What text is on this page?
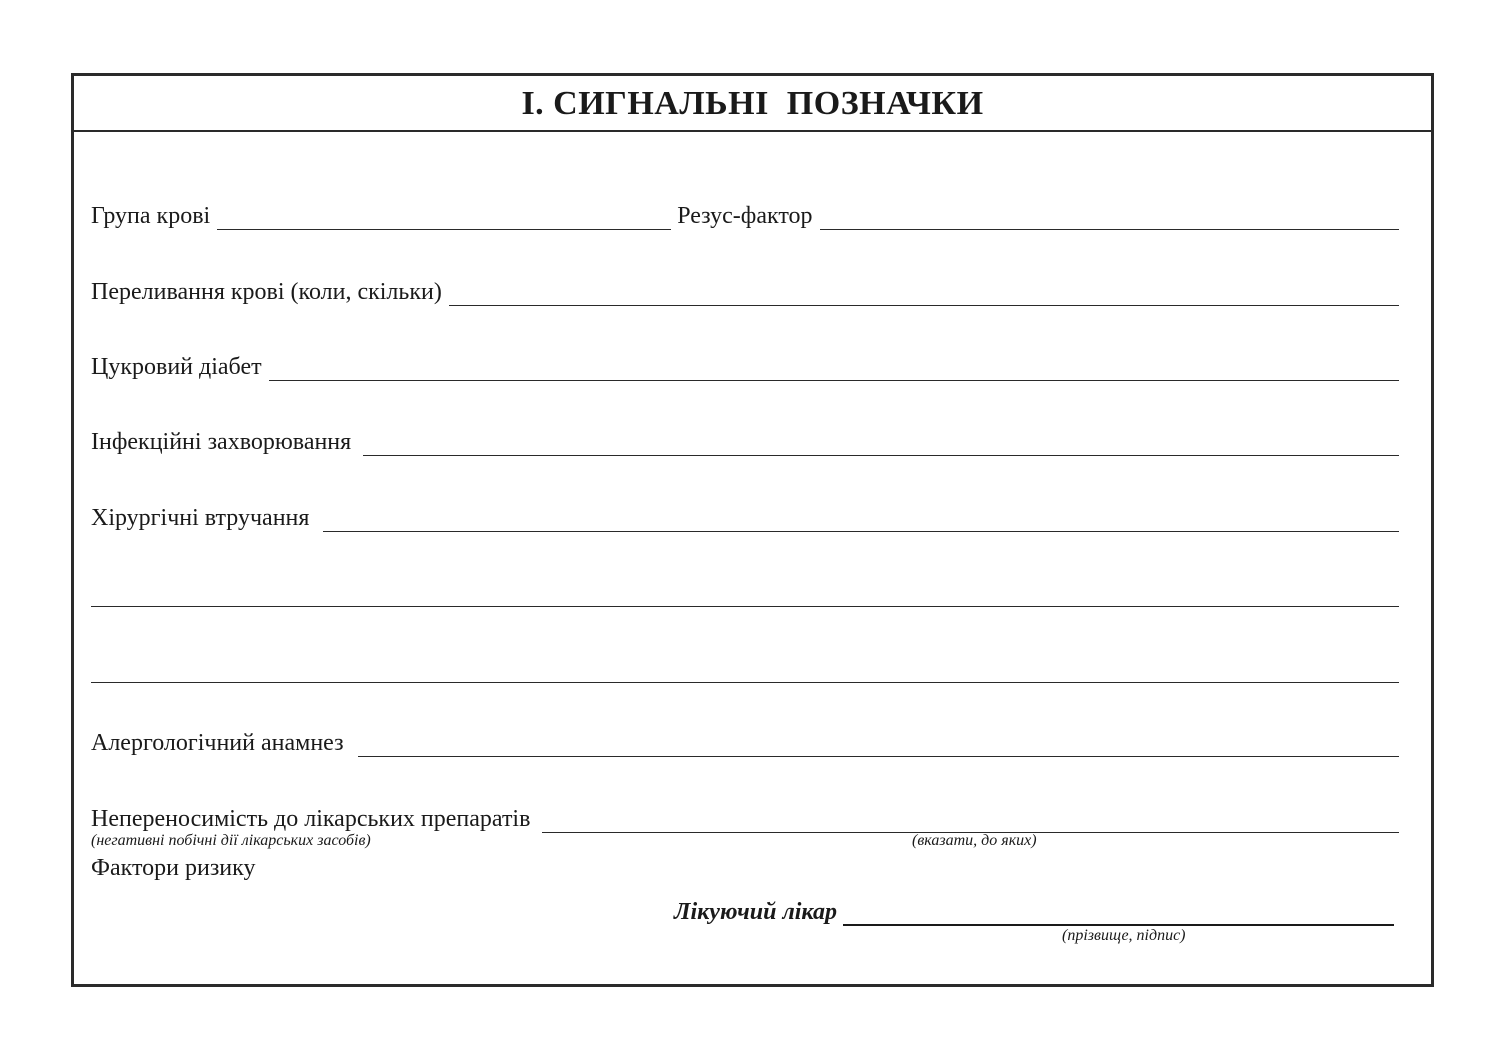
I. СИГНАЛЬНІ  ПОЗНАЧКИ
Група крові	Резус-фактор
Переливання крові (коли, скільки)
Цукровий діабет
Інфекційні захворювання
Хірургічні втручання
Алергологічний анамнез
Непереносимість до лікарських препаратів
(негативні побічні дії лікарських засобів)	(вказати, до яких)
Фактори ризику
Лікуючий лікар
(прізвище, підпис)
